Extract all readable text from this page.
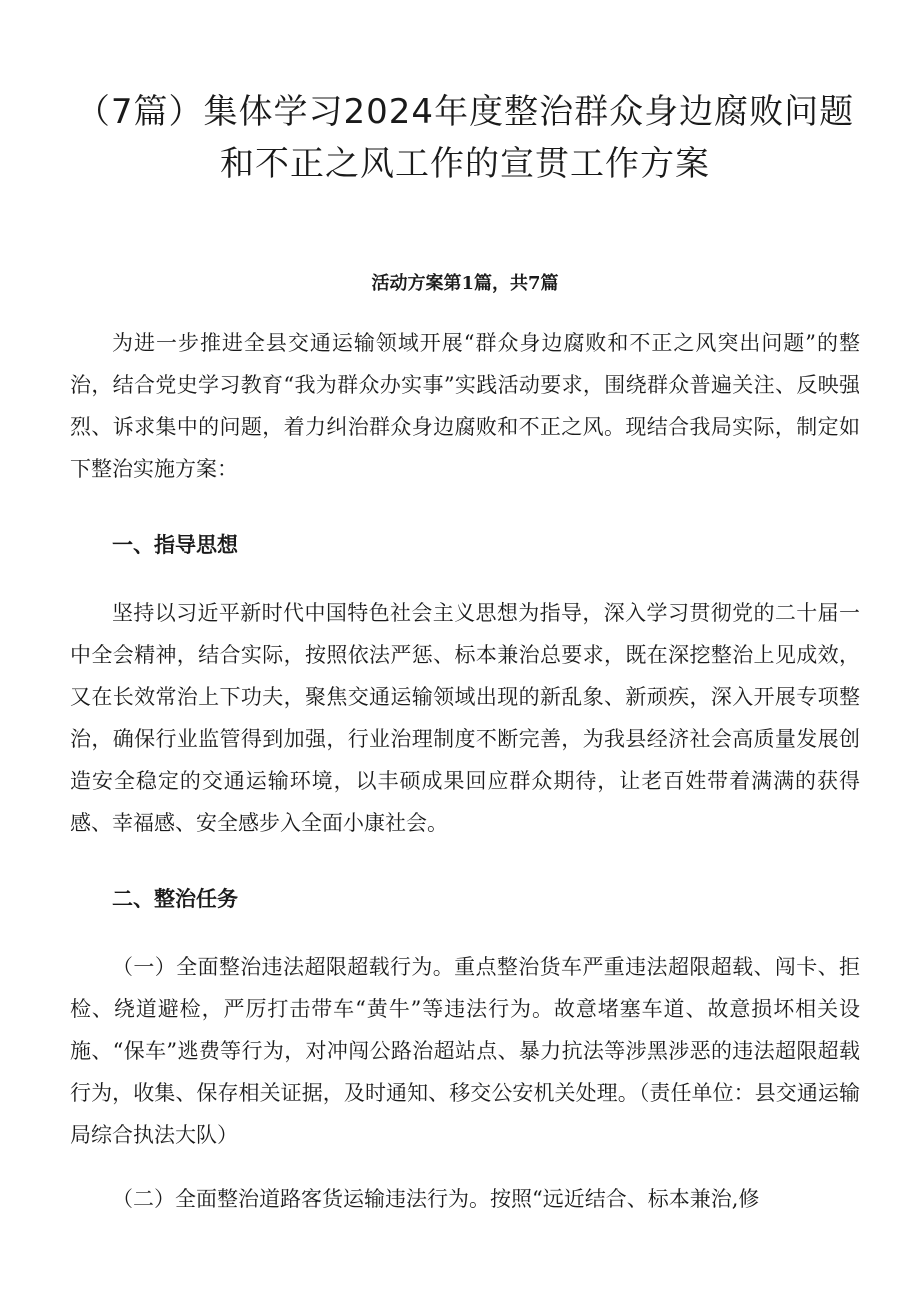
（7篇）集体学习2024年度整治群众身边腐败问题
和不正之风工作的宣贯工作方案

活动方案第1篇，共7篇

为进一步推进全县交通运输领域开展“群众身边腐败和不正之风突出问题”的整治，结合党史学习教育“我为群众办实事”实践活动要求，围绕群众普遍关注、反映强烈、诉求集中的问题，着力纠治群众身边腐败和不正之风。现结合我局实际，制定如下整治实施方案：

一、指导思想

坚持以习近平新时代中国特色社会主义思想为指导，深入学习贯彻党的二十届一中全会精神，结合实际，按照依法严惩、标本兼治总要求，既在深挖整治上见成效，又在长效常治上下功夫，聚焦交通运输领域出现的新乱象、新顽疾，深入开展专项整治，确保行业监管得到加强，行业治理制度不断完善，为我县经济社会高质量发展创造安全稳定的交通运输环境，以丰硕成果回应群众期待，让老百姓带着满满的获得感、幸福感、安全感步入全面小康社会。

二、整治任务

（一）全面整治违法超限超载行为。重点整治货车严重违法超限超载、闯卡、拒检、绕道避检，严厉打击带车“黄牛”等违法行为。故意堵塞车道、故意损坏相关设施、“保车”逃费等行为，对冲闯公路治超站点、暴力抗法等涉黑涉恶的违法超限超载行为，收集、保存相关证据，及时通知、移交公安机关处理。（责任单位：县交通运输局综合执法大队）

（二）全面整治道路客货运输违法行为。按照“远近结合、标本兼治,修
